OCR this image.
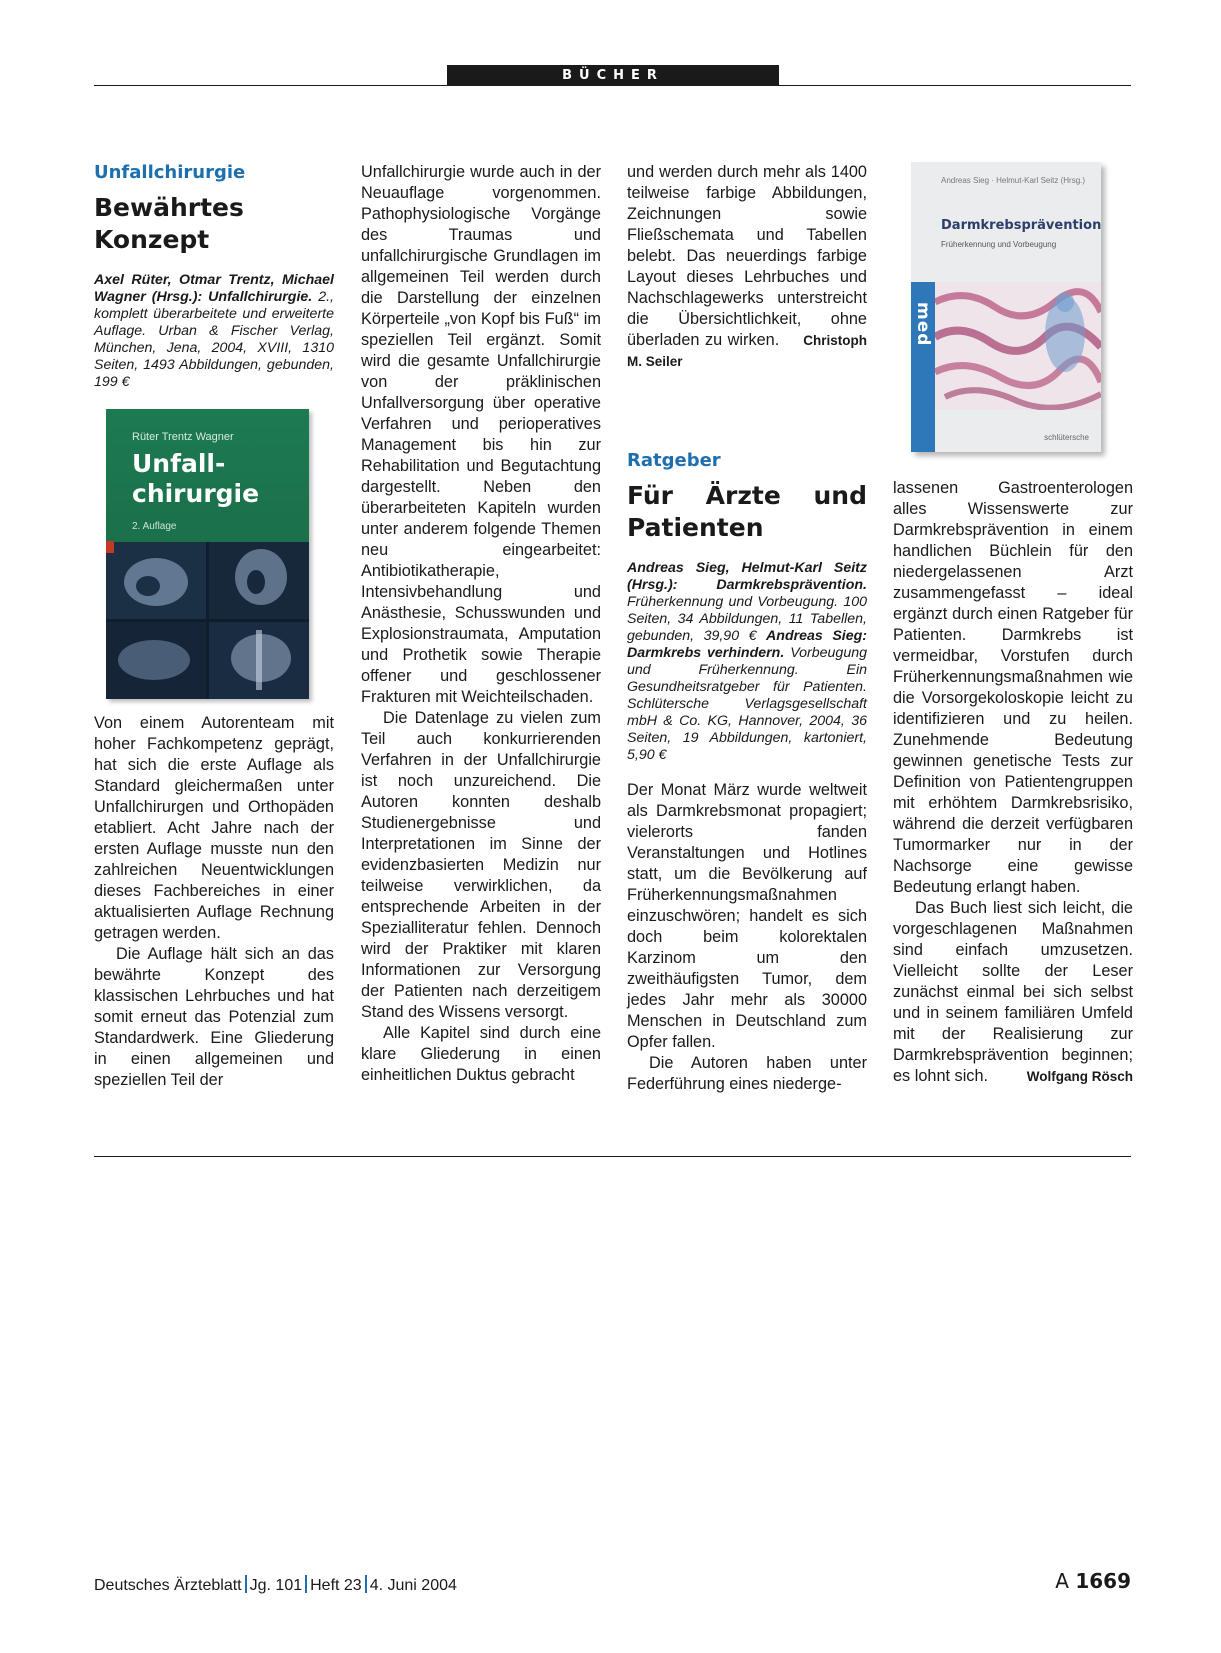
BÜCHER
Unfallchirurgie
Bewährtes Konzept
Axel Rüter, Otmar Trentz, Michael Wagner (Hrsg.): Unfallchirurgie. 2., komplett überarbeitete und erweiterte Auflage. Urban & Fischer Verlag, München, Jena, 2004, XVIII, 1310 Seiten, 1493 Abbildungen, gebunden, 199 €
Rüter Trentz Wagner
Unfall-
chirurgie
2. Auflage

Von einem Autorenteam mit hoher Fachkompetenz geprägt, hat sich die erste Auflage als Standard gleichermaßen unter Unfallchirurgen und Orthopäden etabliert. Acht Jahre nach der ersten Auflage musste nun den zahlreichen Neuentwicklungen dieses Fachbereiches in einer aktualisierten Auflage Rechnung getragen werden.

Die Auflage hält sich an das bewährte Konzept des klassischen Lehrbuches und hat somit erneut das Potenzial zum Standardwerk. Eine Gliederung in einen allgemeinen und speziellen Teil der

Unfallchirurgie wurde auch in der Neuauflage vorgenommen. Pathophysiologische Vorgänge des Traumas und unfallchirurgische Grundlagen im allgemeinen Teil werden durch die Darstellung der einzelnen Körperteile „von Kopf bis Fuß“ im speziellen Teil ergänzt. Somit wird die gesamte Unfallchirurgie von der präklinischen Unfallversorgung über operative Verfahren und perioperatives Management bis hin zur Rehabilitation und Begutachtung dargestellt. Neben den überarbeiteten Kapiteln wurden unter anderem folgende Themen neu eingearbeitet: Antibiotikatherapie, Intensivbehandlung und Anästhesie, Schusswunden und Explosionstraumata, Amputation und Prothetik sowie Therapie offener und geschlossener Frakturen mit Weichteilschaden.

Die Datenlage zu vielen zum Teil auch konkurrierenden Verfahren in der Unfallchirurgie ist noch unzureichend. Die Autoren konnten deshalb Studienergebnisse und Interpretationen im Sinne der evidenzbasierten Medizin nur teilweise verwirklichen, da entsprechende Arbeiten in der Spezialliteratur fehlen. Dennoch wird der Praktiker mit klaren Informationen zur Versorgung der Patienten nach derzeitigem Stand des Wissens versorgt.

Alle Kapitel sind durch eine klare Gliederung in einen einheitlichen Duktus gebracht

und werden durch mehr als 1400 teilweise farbige Abbildungen, Zeichnungen sowie Fließschemata und Tabellen belebt. Das neuerdings farbige Layout dieses Lehrbuches und Nachschlagewerks unterstreicht die Übersichtlichkeit, ohne überladen zu wirken. Christoph M. Seiler

Ratgeber
Für Ärzte und Patienten
Andreas Sieg, Helmut-Karl Seitz (Hrsg.): Darmkrebsprävention. Früherkennung und Vorbeugung. 100 Seiten, 34 Abbildungen, 11 Tabellen, gebunden, 39,90 € Andreas Sieg: Darmkrebs verhindern. Vorbeugung und Früherkennung. Ein Gesundheitsratgeber für Patienten. Schlütersche Verlagsgesellschaft mbH & Co. KG, Hannover, 2004, 36 Seiten, 19 Abbildungen, kartoniert, 5,90 €

Der Monat März wurde weltweit als Darmkrebsmonat propagiert; vielerorts fanden Veranstaltungen und Hotlines statt, um die Bevölkerung auf Früherkennungsmaßnahmen einzuschwören; handelt es sich doch beim kolorektalen Karzinom um den zweithäufigsten Tumor, dem jedes Jahr mehr als 30000 Menschen in Deutschland zum Opfer fallen.

Die Autoren haben unter Federführung eines niederge-

Andreas Sieg · Helmut-Karl Seitz (Hrsg.)
Darmkrebsprävention
Früherkennung und Vorbeugung
med
schlütersche

lassenen Gastroenterologen alles Wissenswerte zur Darmkrebsprävention in einem handlichen Büchlein für den niedergelassenen Arzt zusammengefasst – ideal ergänzt durch einen Ratgeber für Patienten. Darmkrebs ist vermeidbar, Vorstufen durch Früherkennungsmaßnahmen wie die Vorsorgekoloskopie leicht zu identifizieren und zu heilen. Zunehmende Bedeutung gewinnen genetische Tests zur Definition von Patientengruppen mit erhöhtem Darmkrebsrisiko, während die derzeit verfügbaren Tumormarker nur in der Nachsorge eine gewisse Bedeutung erlangt haben.

Das Buch liest sich leicht, die vorgeschlagenen Maßnahmen sind einfach umzusetzen. Vielleicht sollte der Leser zunächst einmal bei sich selbst und in seinem familiären Umfeld mit der Realisierung zur Darmkrebsprävention beginnen; es lohnt sich.	Wolfgang Rösch

Deutsches Ärzteblatt Jg. 101 Heft 23 4. Juni 2004	A 1669
